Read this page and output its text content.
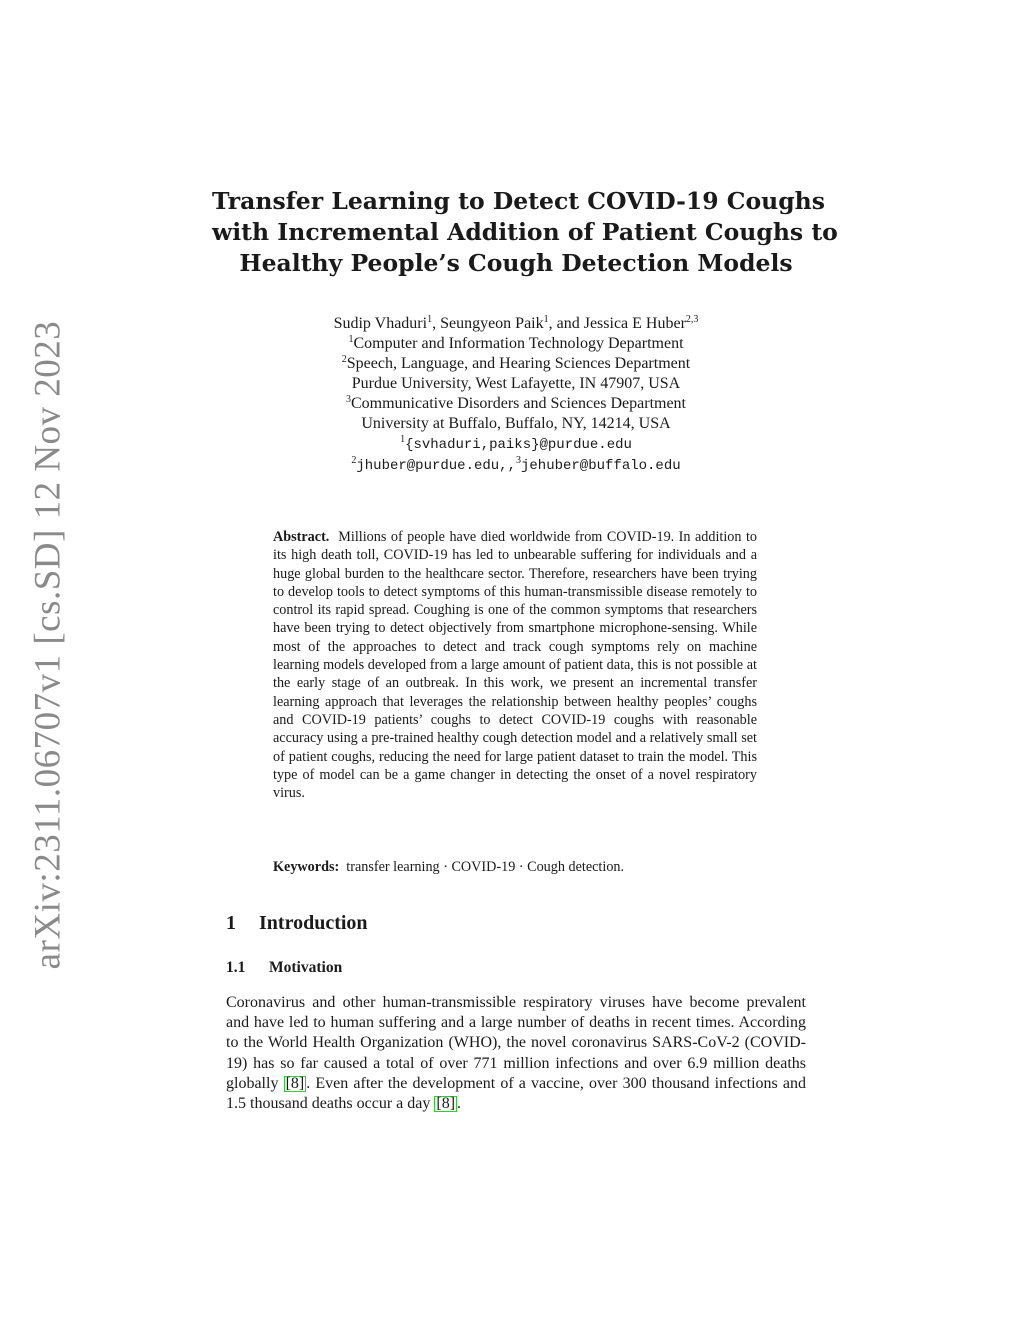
arXiv:2311.06707v1 [cs.SD] 12 Nov 2023
Transfer Learning to Detect COVID-19 Coughs
with Incremental Addition of Patient Coughs to
Healthy People’s Cough Detection Models
Sudip Vhaduri$^1$, Seungyeon Paik$^1$, and Jessica E Huber$^{2,3}$
$^1$Computer and Information Technology Department
$^2$Speech, Language, and Hearing Sciences Department
Purdue University, West Lafayette, IN 47907, USA
$^3$Communicative Disorders and Sciences Department
University at Buffalo, Buffalo, NY, 14214, USA
$^1${svhaduri,paiks}@purdue.edu
$^2$jhuber@purdue.edu,,$^3$jehuber@buffalo.edu

Abstract. Millions of people have died worldwide from COVID-19. In addition to its high death toll, COVID-19 has led to unbearable suffering for individuals and a huge global burden to the healthcare sector. Therefore, researchers have been trying to develop tools to detect symptoms of this human-transmissible disease remotely to control its rapid spread. Coughing is one of the common symptoms that researchers have been trying to detect objectively from smartphone microphone-sensing. While most of the approaches to detect and track cough symptoms rely on machine learning models developed from a large amount of patient data, this is not possible at the early stage of an outbreak. In this work, we present an incremental transfer learning approach that leverages the relationship between healthy peoples’ coughs and COVID-19 patients’ coughs to detect COVID-19 coughs with reasonable accuracy using a pre-trained healthy cough detection model and a relatively small set of patient coughs, reducing the need for large patient dataset to train the model. This type of model can be a game changer in detecting the onset of a novel respiratory virus.

Keywords: transfer learning · COVID-19 · Cough detection.
1 Introduction
1.1 Motivation

Coronavirus and other human-transmissible respiratory viruses have become prevalent and have led to human suffering and a large number of deaths in recent times. According to the World Health Organization (WHO), the novel coronavirus SARS-CoV-2 (COVID-19) has so far caused a total of over 771 million infections and over 6.9 million deaths globally [8] . Even after the development of a vaccine, over 300 thousand infections and 1.5 thousand deaths occur a day [8] .
